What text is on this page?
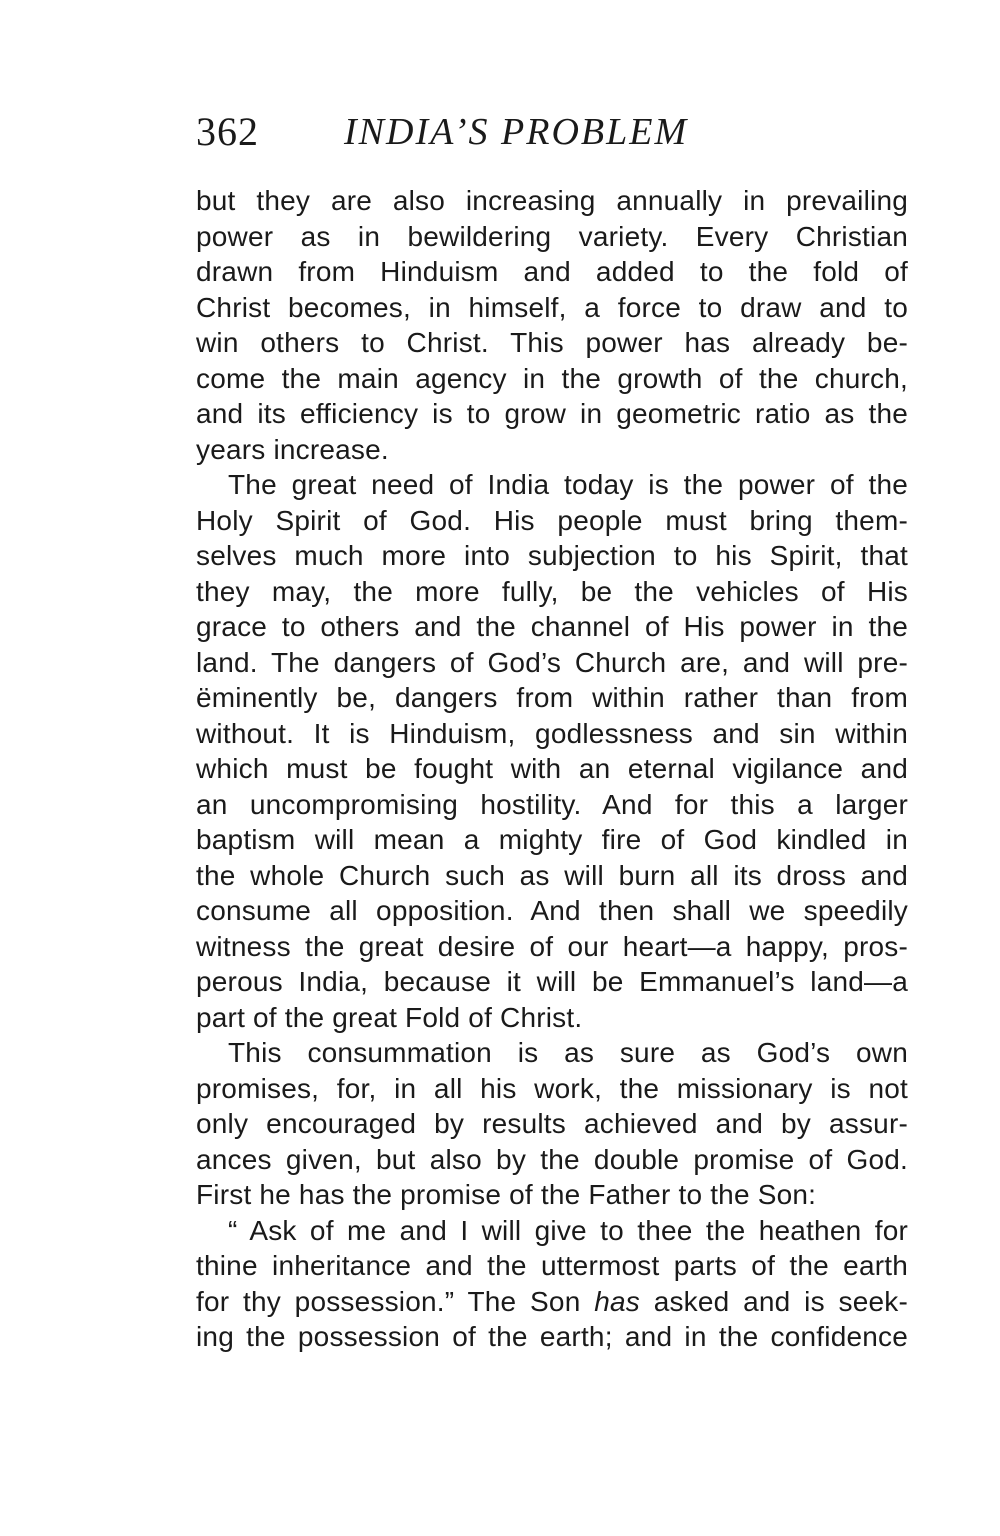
362 INDIA’S PROBLEM
but they are also increasing annually in prevailing
power as in bewildering variety. Every Christian
drawn from Hinduism and added to the fold of
Christ becomes, in himself, a force to draw and to
win others to Christ. This power has already be-
come the main agency in the growth of the church,
and its efficiency is to grow in geometric ratio as the
years increase.
The great need of India today is the power of the
Holy Spirit of God. His people must bring them-
selves much more into subjection to his Spirit, that
they may, the more fully, be the vehicles of His
grace to others and the channel of His power in the
land. The dangers of God’s Church are, and will pre-
ëminently be, dangers from within rather than from
without. It is Hinduism, godlessness and sin within
which must be fought with an eternal vigilance and
an uncompromising hostility. And for this a larger
baptism will mean a mighty fire of God kindled in
the whole Church such as will burn all its dross and
consume all opposition. And then shall we speedily
witness the great desire of our heart—a happy, pros-
perous India, because it will be Emmanuel’s land—a
part of the great Fold of Christ.
This consummation is as sure as God’s own
promises, for, in all his work, the missionary is not
only encouraged by results achieved and by assur-
ances given, but also by the double promise of God.
First he has the promise of the Father to the Son:
“ Ask of me and I will give to thee the heathen for
thine inheritance and the uttermost parts of the earth
for thy possession.” The Son has asked and is seek-
ing the possession of the earth; and in the confidence
